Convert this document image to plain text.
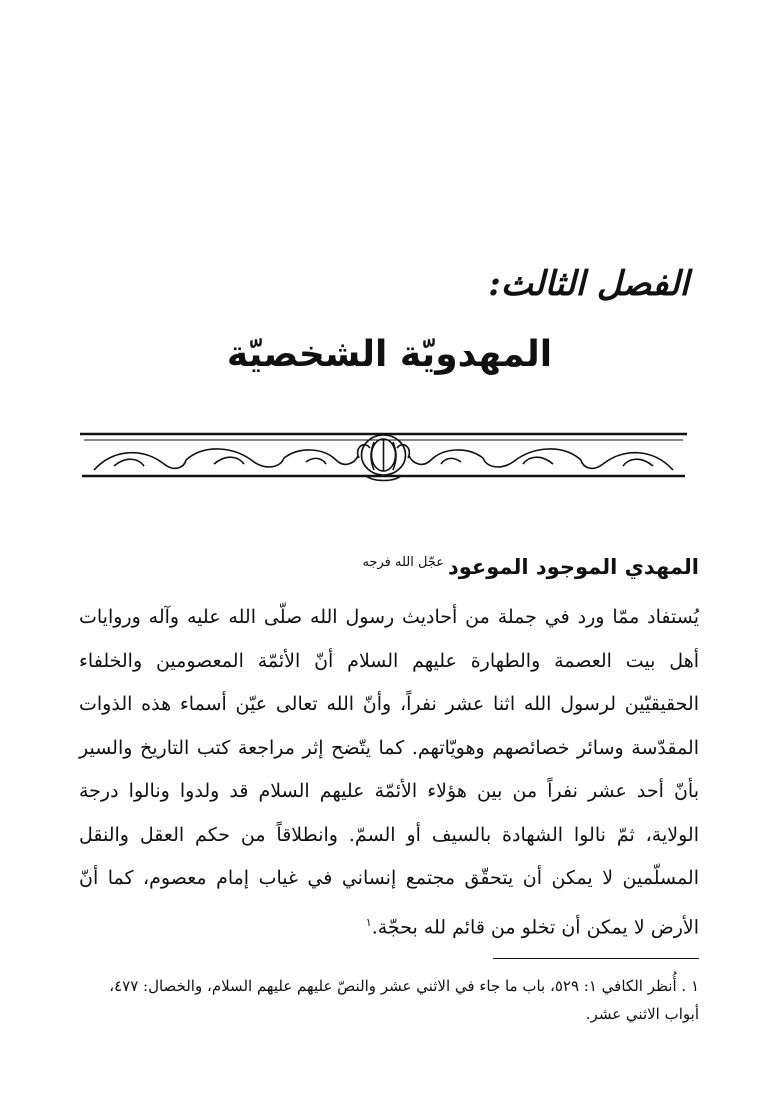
الفصل الثالث:
المهدويّة الشخصيّة
المهدي الموجود الموعود$^{عجّل الله فرجه}$

يُستفاد ممّا ورد في جملة من أحاديث رسول الله صلّى الله عليه وآله وروايات أهل بيت العصمة والطهارة عليهم السلام أنّ الأئمّة المعصومين والخلفاء الحقيقيّين لرسول الله اثنا عشر نفراً، وأنّ الله تعالى عيّن أسماء هذه الذوات المقدّسة وسائر خصائصهم وهويّاتهم. كما يتّضح إثر مراجعة كتب التاريخ والسير بأنّ أحد عشر نفراً من بين هؤلاء الأئمّة عليهم السلام قد ولدوا ونالوا درجة الولاية، ثمّ نالوا الشهادة بالسيف أو السمّ. وانطلاقاً من حكم العقل والنقل المسلّمين لا يمكن أن يتحقّق مجتمع إنساني في غياب إمام معصوم، كما أنّ الأرض لا يمكن أن تخلو من قائم لله بحجّة.$^١$

١ . أُنظر الكافي ١: ٥٢٩، باب ما جاء في الاثني عشر والنصّ عليهم عليهم السلام، والخصال: ٤٧٧، أبواب الاثني عشر.
